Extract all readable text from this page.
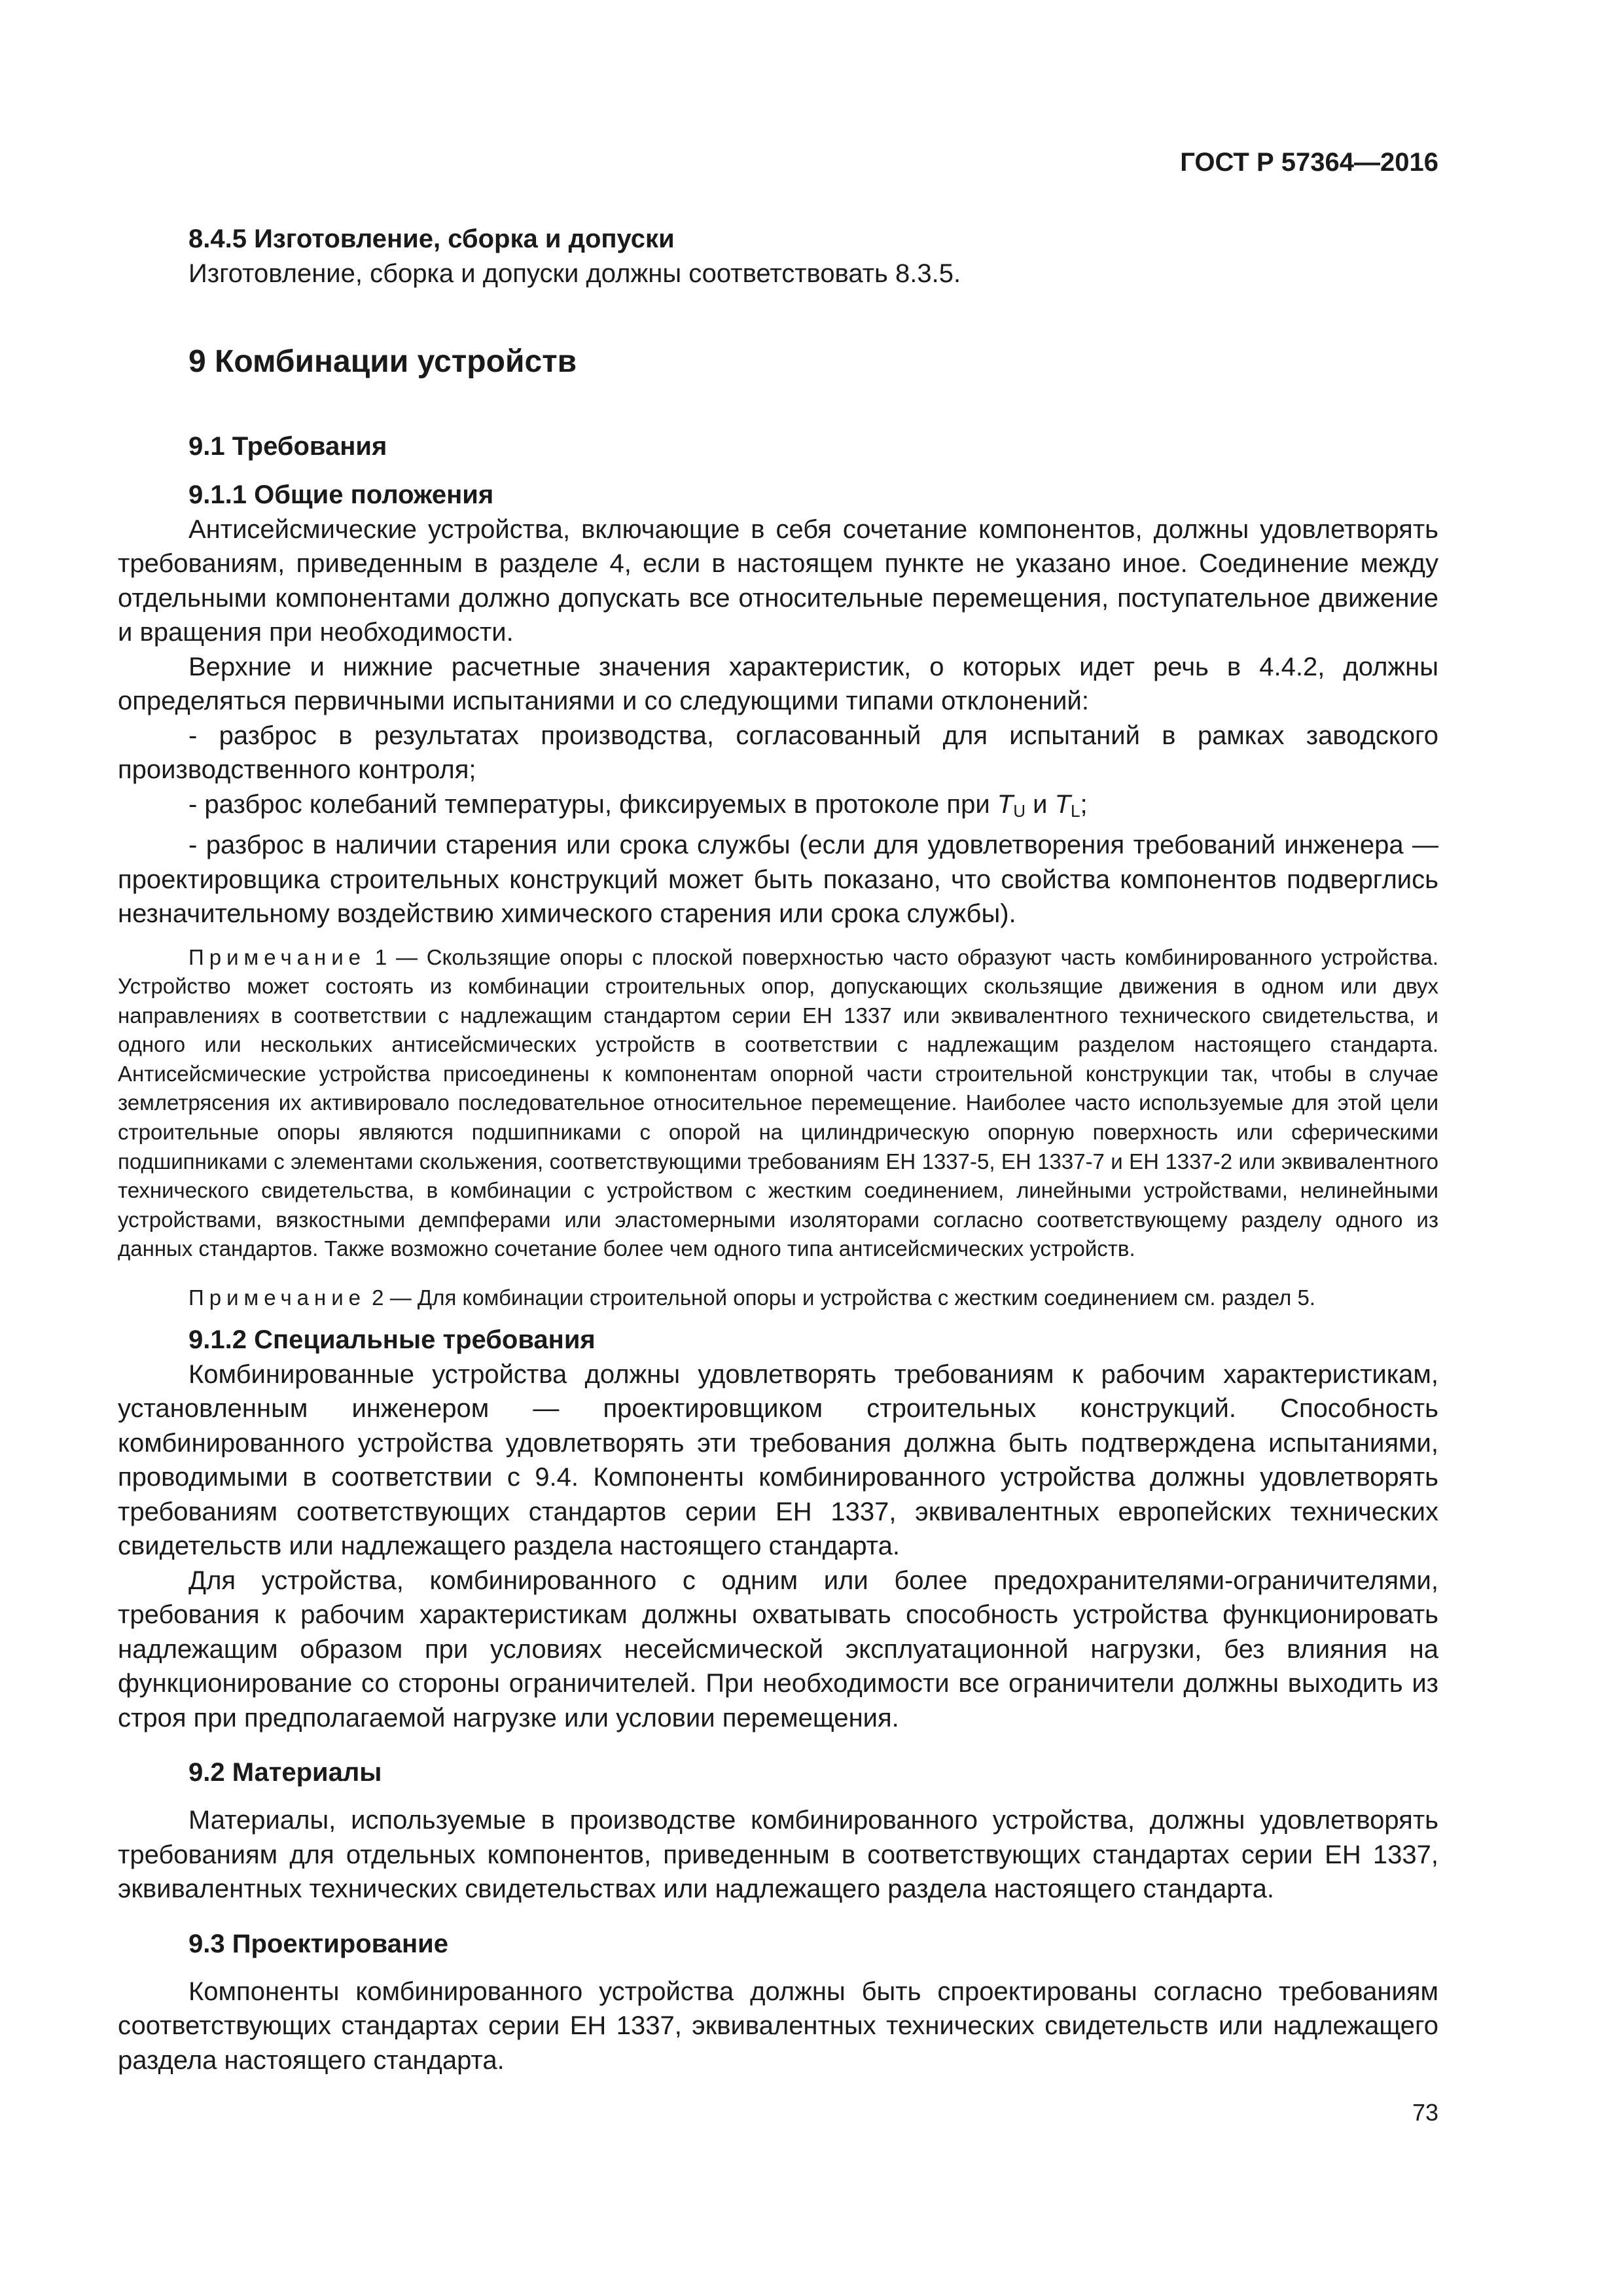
ГОСТ Р 57364—2016
8.4.5 Изготовление, сборка и допуски

Изготовление, сборка и допуски должны соответствовать 8.3.5.

9 Комбинации устройств
9.1 Требования
9.1.1 Общие положения

Антисейсмические устройства, включающие в себя сочетание компонентов, должны удовлетворять требованиям, приведенным в разделе 4, если в настоящем пункте не указано иное. Соединение между отдельными компонентами должно допускать все относительные перемещения, поступательное движение и вращения при необходимости.

Верхние и нижние расчетные значения характеристик, о которых идет речь в 4.4.2, должны определяться первичными испытаниями и со следующими типами отклонений:

- разброс в результатах производства, согласованный для испытаний в рамках заводского производственного контроля;

- разброс колебаний температуры, фиксируемых в протоколе при $T_U$ и $T_L$;

- разброс в наличии старения или срока службы (если для удовлетворения требований инженера — проектировщика строительных конструкций может быть показано, что свойства компонентов подверглись незначительному воздействию химического старения или срока службы).

Примечание 1 — Скользящие опоры с плоской поверхностью часто образуют часть комбинированного устройства. Устройство может состоять из комбинации строительных опор, допускающих скользящие движения в одном или двух направлениях в соответствии с надлежащим стандартом серии ЕН 1337 или эквивалентного технического свидетельства, и одного или нескольких антисейсмических устройств в соответствии с надлежащим разделом настоящего стандарта. Антисейсмические устройства присоединены к компонентам опорной части строительной конструкции так, чтобы в случае землетрясения их активировало последовательное относительное перемещение. Наиболее часто используемые для этой цели строительные опоры являются подшипниками с опорой на цилиндрическую опорную поверхность или сферическими подшипниками с элементами скольжения, соответствующими требованиям ЕН 1337-5, ЕН 1337-7 и ЕН 1337-2 или эквивалентного технического свидетельства, в комбинации с устройством с жестким соединением, линейными устройствами, нелинейными устройствами, вязкостными демпферами или эластомерными изоляторами согласно соответствующему разделу одного из данных стандартов. Также возможно сочетание более чем одного типа антисейсмических устройств.

Примечание 2 — Для комбинации строительной опоры и устройства с жестким соединением см. раздел 5.

9.1.2 Специальные требования

Комбинированные устройства должны удовлетворять требованиям к рабочим характеристикам, установленным инженером — проектировщиком строительных конструкций. Способность комбинированного устройства удовлетворять эти требования должна быть подтверждена испытаниями, проводимыми в соответствии с 9.4. Компоненты комбинированного устройства должны удовлетворять требованиям соответствующих стандартов серии ЕН 1337, эквивалентных европейских технических свидетельств или надлежащего раздела настоящего стандарта.

Для устройства, комбинированного с одним или более предохранителями-ограничителями, требования к рабочим характеристикам должны охватывать способность устройства функционировать надлежащим образом при условиях несейсмической эксплуатационной нагрузки, без влияния на функционирование со стороны ограничителей. При необходимости все ограничители должны выходить из строя при предполагаемой нагрузке или условии перемещения.

9.2 Материалы

Материалы, используемые в производстве комбинированного устройства, должны удовлетворять требованиям для отдельных компонентов, приведенным в соответствующих стандартах серии ЕН 1337, эквивалентных технических свидетельствах или надлежащего раздела настоящего стандарта.

9.3 Проектирование

Компоненты комбинированного устройства должны быть спроектированы согласно требованиям соответствующих стандартах серии ЕН 1337, эквивалентных технических свидетельств или надлежащего раздела настоящего стандарта.

73
